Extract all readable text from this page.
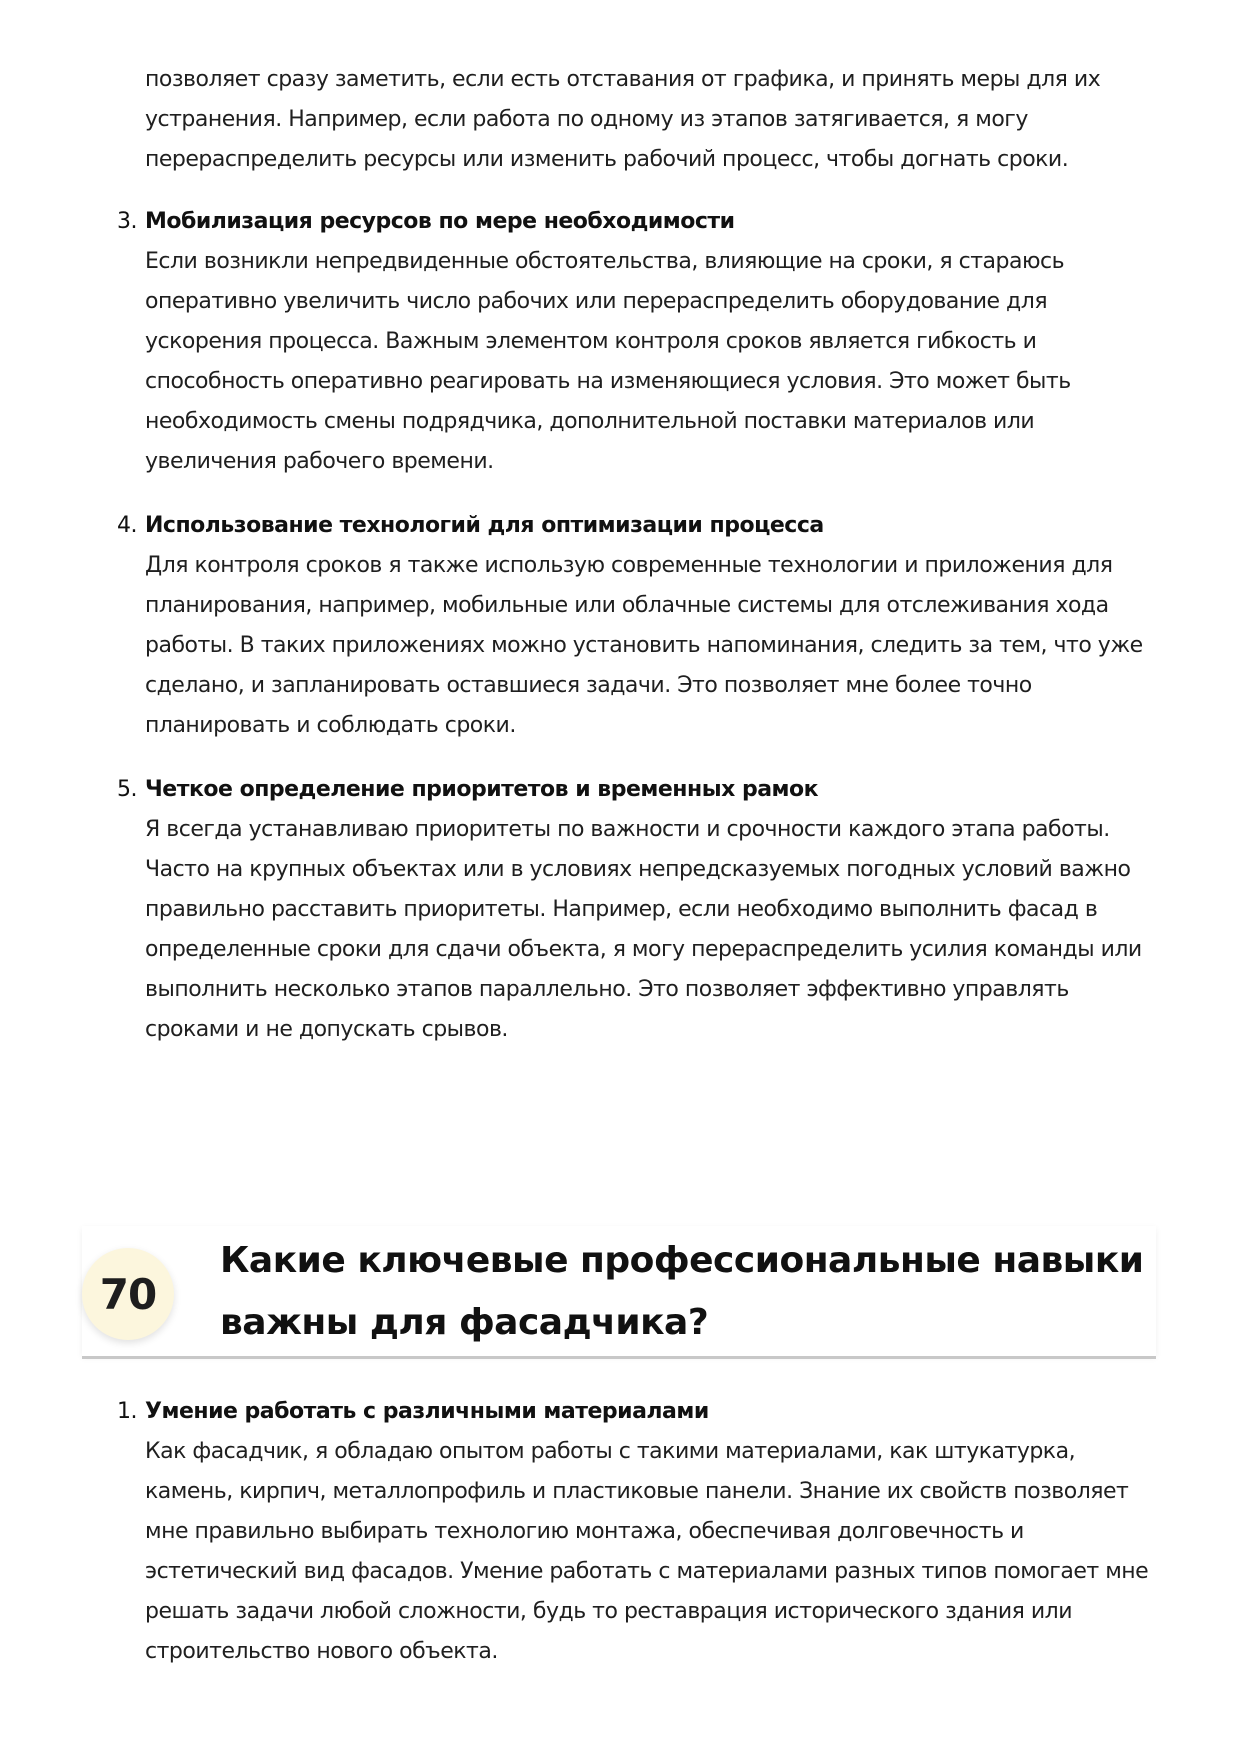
позволяет сразу заметить, если есть отставания от графика, и принять меры для их устранения. Например, если работа по одному из этапов затягивается, я могу перераспределить ресурсы или изменить рабочий процесс, чтобы догнать сроки.
3. Мобилизация ресурсов по мере необходимости
Если возникли непредвиденные обстоятельства, влияющие на сроки, я стараюсь оперативно увеличить число рабочих или перераспределить оборудование для ускорения процесса. Важным элементом контроля сроков является гибкость и способность оперативно реагировать на изменяющиеся условия. Это может быть необходимость смены подрядчика, дополнительной поставки материалов или увеличения рабочего времени.
4. Использование технологий для оптимизации процесса
Для контроля сроков я также использую современные технологии и приложения для планирования, например, мобильные или облачные системы для отслеживания хода работы. В таких приложениях можно установить напоминания, следить за тем, что уже сделано, и запланировать оставшиеся задачи. Это позволяет мне более точно планировать и соблюдать сроки.
5. Четкое определение приоритетов и временных рамок
Я всегда устанавливаю приоритеты по важности и срочности каждого этапа работы. Часто на крупных объектах или в условиях непредсказуемых погодных условий важно правильно расставить приоритеты. Например, если необходимо выполнить фасад в определенные сроки для сдачи объекта, я могу перераспределить усилия команды или выполнить несколько этапов параллельно. Это позволяет эффективно управлять сроками и не допускать срывов.
70
Какие ключевые профессиональные навыки важны для фасадчика?
1. Умение работать с различными материалами
Как фасадчик, я обладаю опытом работы с такими материалами, как штукатурка, камень, кирпич, металлопрофиль и пластиковые панели. Знание их свойств позволяет мне правильно выбирать технологию монтажа, обеспечивая долговечность и эстетический вид фасадов. Умение работать с материалами разных типов помогает мне решать задачи любой сложности, будь то реставрация исторического здания или строительство нового объекта.
